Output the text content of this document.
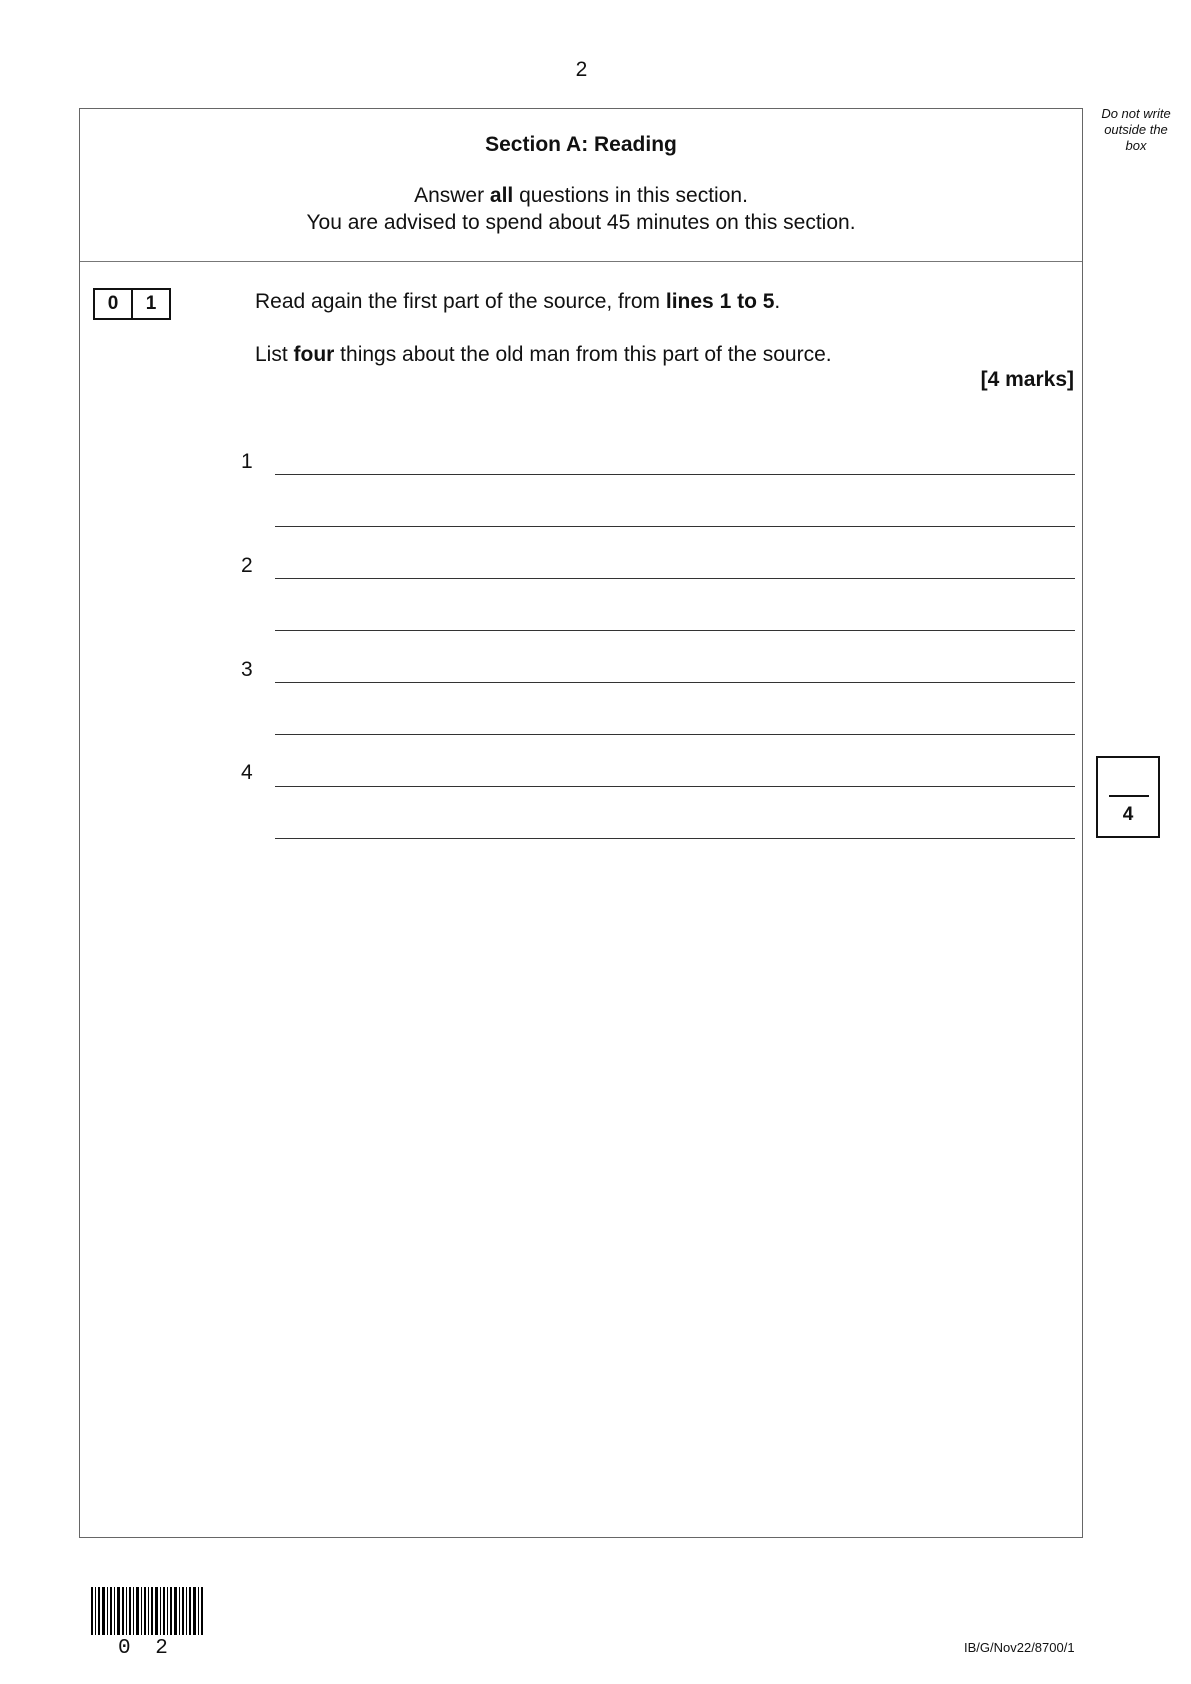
2
Do not write
outside the
box
Section A: Reading
Answer all questions in this section.
You are advised to spend about 45 minutes on this section.
0	1	Read again the first part of the source, from lines 1 to 5.
List four things about the old man from this part of the source.
[4 marks]
1
2
3
4
4
0 2	IB/G/Nov22/8700/1
